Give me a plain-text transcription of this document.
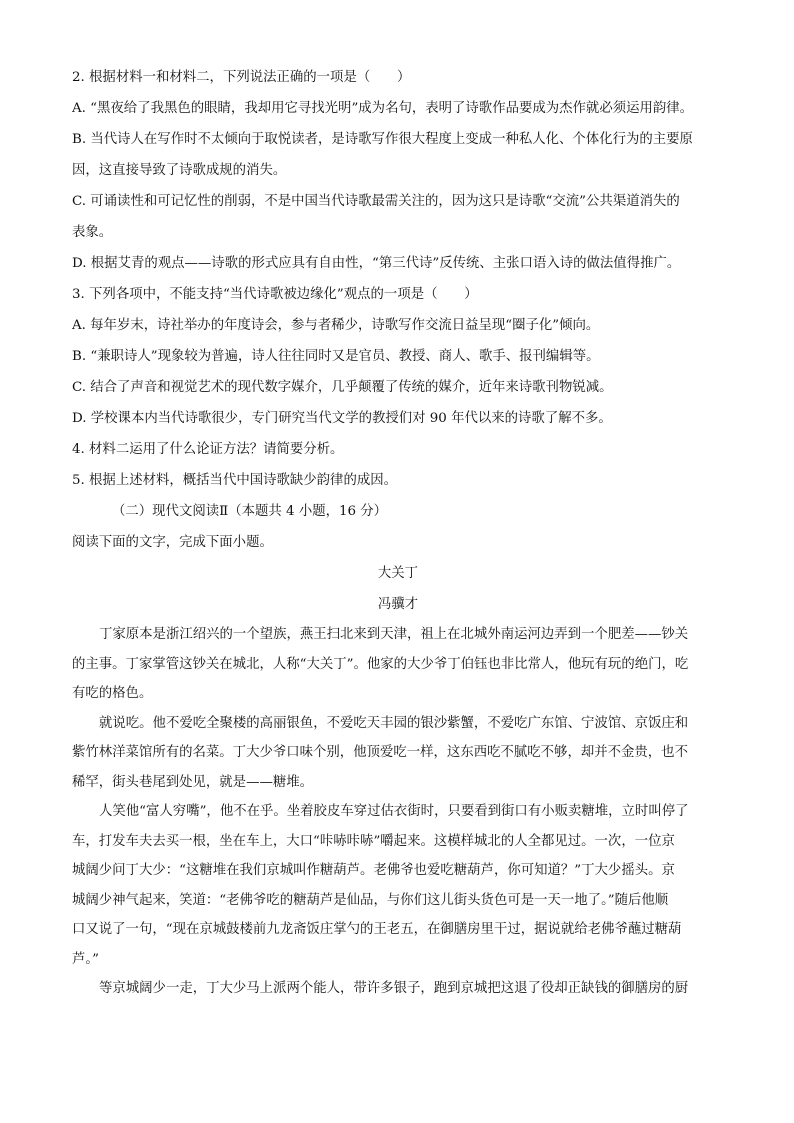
2. 根据材料一和材料二，下列说法正确的一项是（　　）
A. “黑夜给了我黑色的眼睛，我却用它寻找光明”成为名句，表明了诗歌作品要成为杰作就必须运用韵律。
B. 当代诗人在写作时不太倾向于取悦读者，是诗歌写作很大程度上变成一种私人化、个体化行为的主要原
因，这直接导致了诗歌成规的消失。
C. 可诵读性和可记忆性的削弱，不是中国当代诗歌最需关注的，因为这只是诗歌“交流”公共渠道消失的
表象。
D. 根据艾青的观点——诗歌的形式应具有自由性，“第三代诗”反传统、主张口语入诗的做法值得推广。
3. 下列各项中，不能支持“当代诗歌被边缘化”观点的一项是（　　）
A. 每年岁末，诗社举办的年度诗会，参与者稀少，诗歌写作交流日益呈现“圈子化”倾向。
B. “兼职诗人”现象较为普遍，诗人往往同时又是官员、教授、商人、歌手、报刊编辑等。
C. 结合了声音和视觉艺术的现代数字媒介，几乎颠覆了传统的媒介，近年来诗歌刊物锐减。
D. 学校课本内当代诗歌很少，专门研究当代文学的教授们对 90 年代以来的诗歌了解不多。
4. 材料二运用了什么论证方法？请简要分析。
5. 根据上述材料，概括当代中国诗歌缺少韵律的成因。
（二）现代文阅读Ⅱ（本题共 4 小题，16 分）
阅读下面的文字，完成下面小题。
大关丁
冯骥才
丁家原本是浙江绍兴的一个望族，燕王扫北来到天津，祖上在北城外南运河边弄到一个肥差——钞关
的主事。丁家掌管这钞关在城北，人称“大关丁”。他家的大少爷丁伯钰也非比常人，他玩有玩的绝门，吃
有吃的格色。
就说吃。他不爱吃全聚楼的高丽银鱼，不爱吃天丰园的银沙紫蟹，不爱吃广东馆、宁波馆、京饭庄和
紫竹林洋菜馆所有的名菜。丁大少爷口味个别，他顶爱吃一样，这东西吃不腻吃不够，却并不金贵，也不
稀罕，街头巷尾到处见，就是——糖堆。
人笑他“富人穷嘴”，他不在乎。坐着胶皮车穿过估衣街时，只要看到街口有小贩卖糖堆，立时叫停了
车，打发车夫去买一根，坐在车上，大口“咔哧咔哧”嚼起来。这模样城北的人全都见过。一次，一位京
城阔少问丁大少：“这糖堆在我们京城叫作糖葫芦。老佛爷也爱吃糖葫芦，你可知道？”丁大少摇头。京
城阔少神气起来，笑道：“老佛爷吃的糖葫芦是仙品，与你们这儿街头货色可是一天一地了。”随后他顺
口又说了一句，“现在京城鼓楼前九龙斋饭庄掌勺的王老五，在御膳房里干过，据说就给老佛爷蘸过糖葫
芦。”
等京城阔少一走，丁大少马上派两个能人，带许多银子，跑到京城把这退了役却正缺钱的御膳房的厨
